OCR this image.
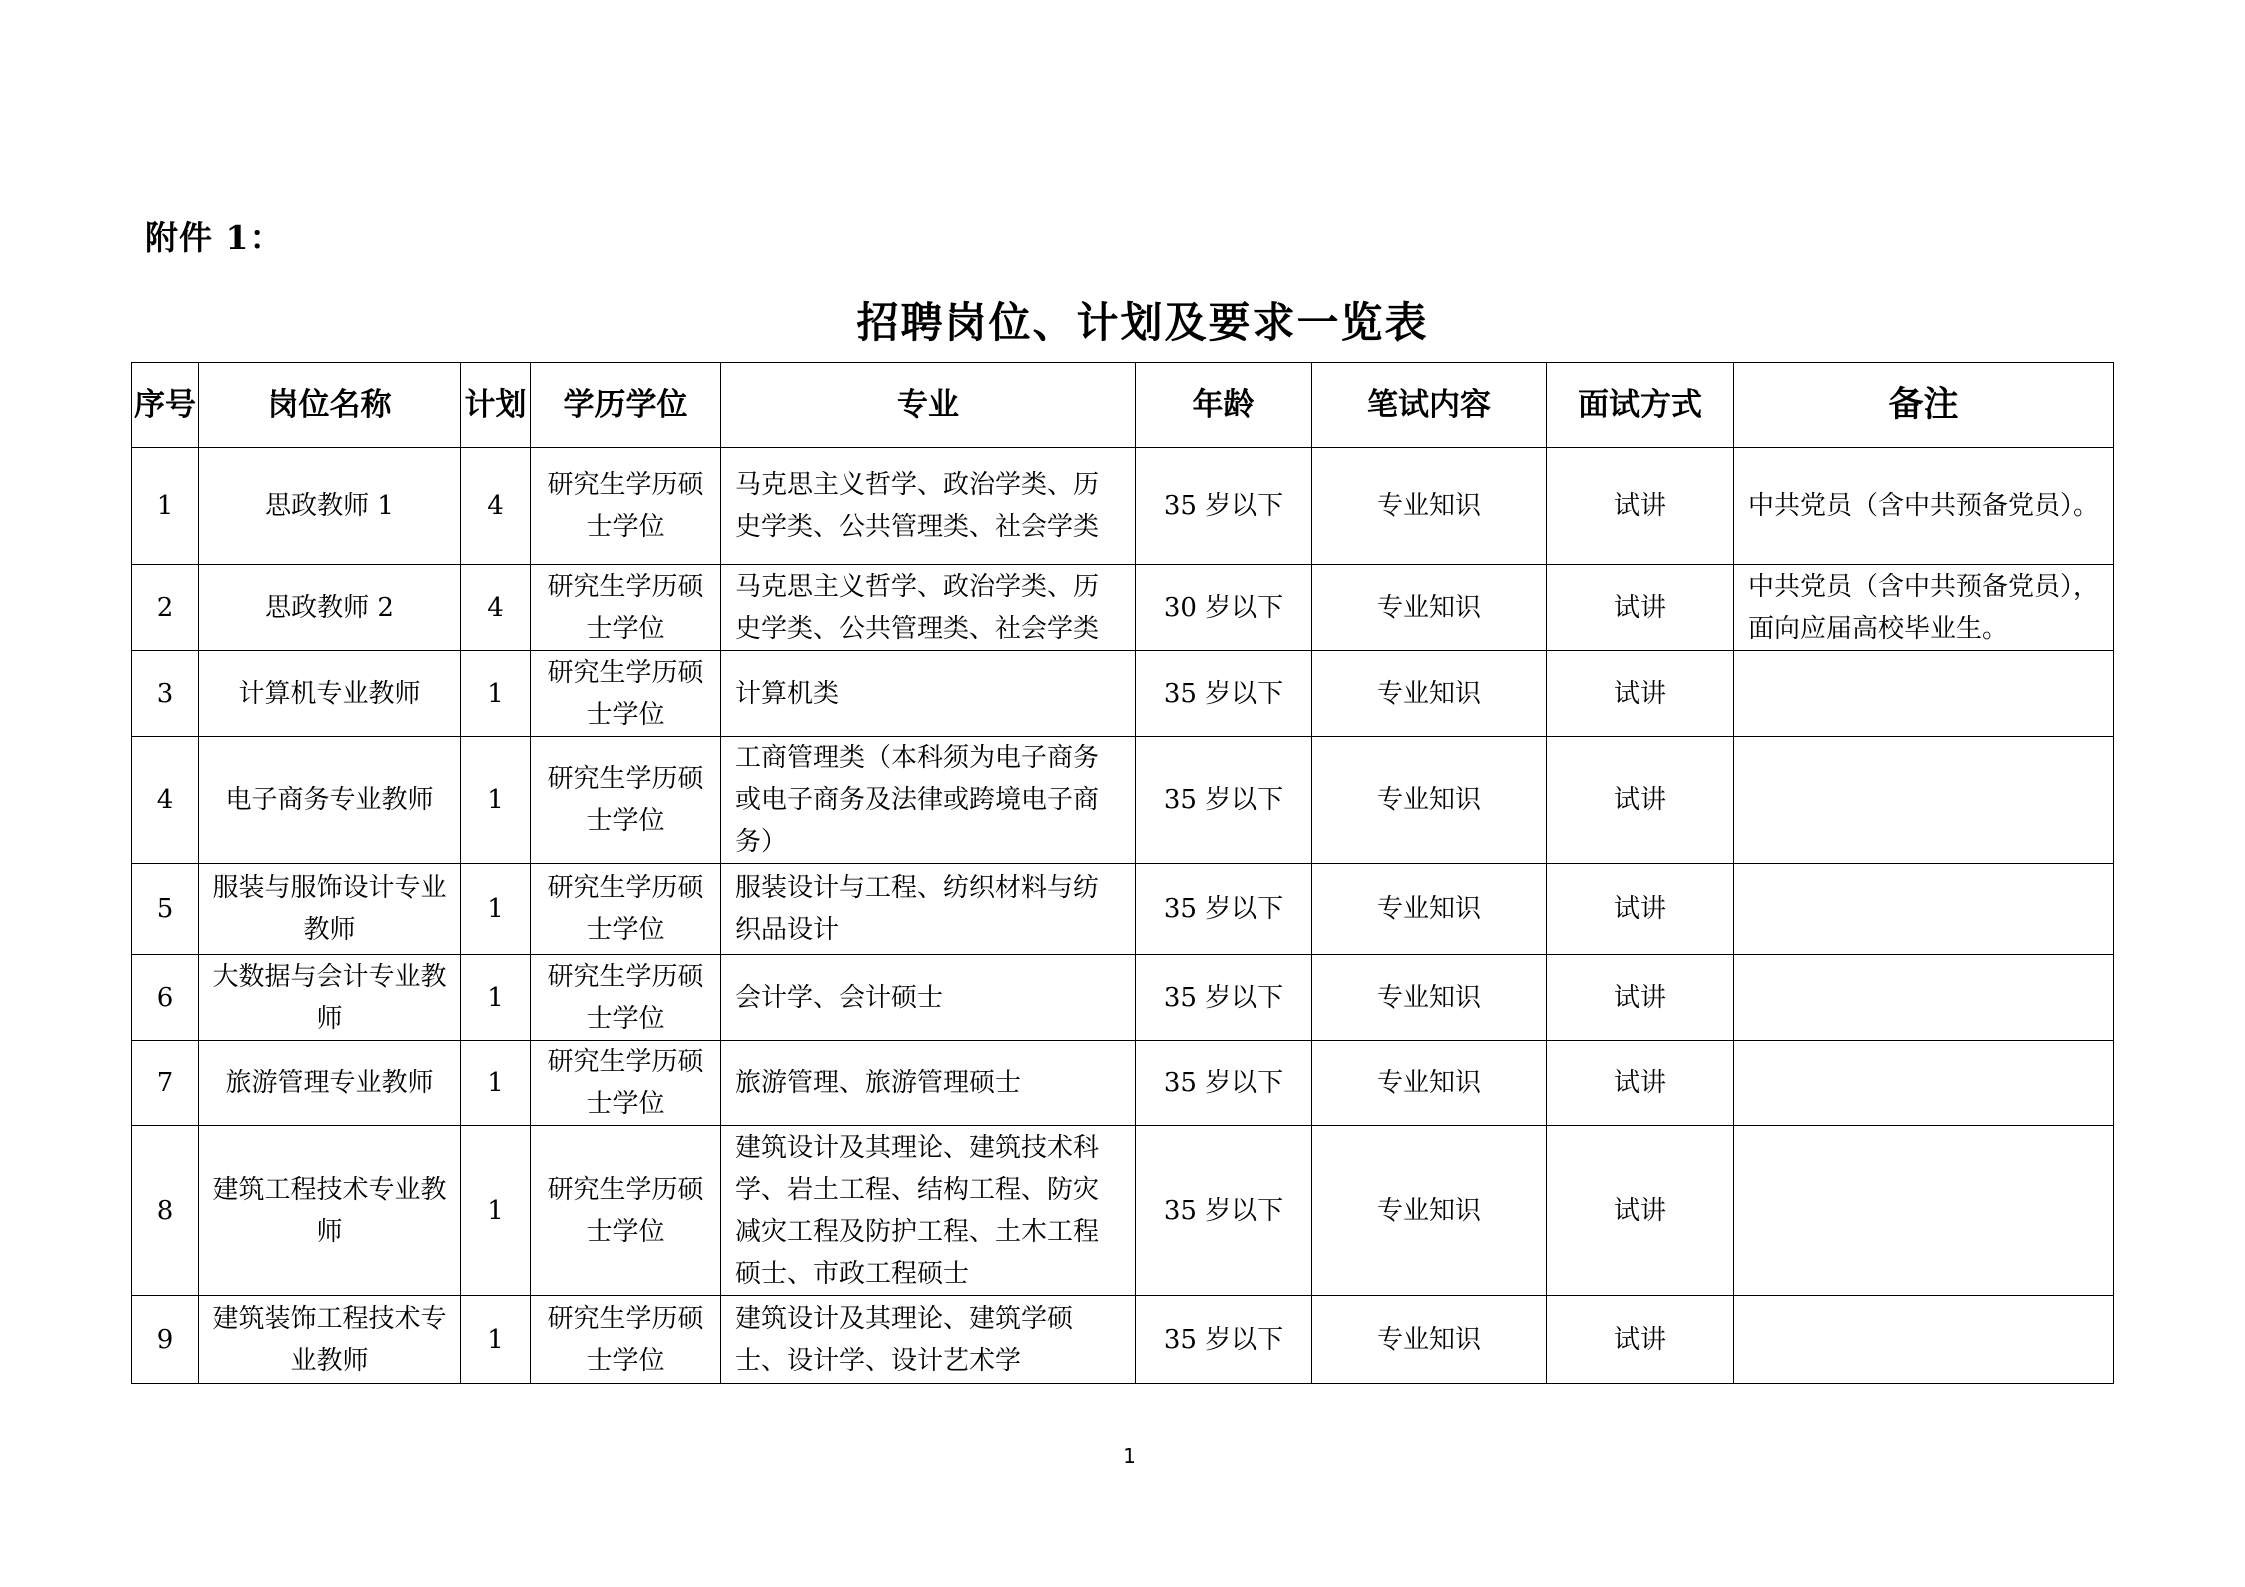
附件 1：
招聘岗位、计划及要求一览表
序号	岗位名称	计划	学历学位	专业	年龄	笔试内容	面试方式	备注
1	思政教师 1	4	研究生学历硕士学位	马克思主义哲学、政治学类、历史学类、公共管理类、社会学类	35 岁以下	专业知识	试讲	中共党员（含中共预备党员）。
2	思政教师 2	4	研究生学历硕士学位	马克思主义哲学、政治学类、历史学类、公共管理类、社会学类	30 岁以下	专业知识	试讲	中共党员（含中共预备党员），面向应届高校毕业生。
3	计算机专业教师	1	研究生学历硕士学位	计算机类	35 岁以下	专业知识	试讲	
4	电子商务专业教师	1	研究生学历硕士学位	工商管理类（本科须为电子商务或电子商务及法律或跨境电子商务）	35 岁以下	专业知识	试讲	
5	服装与服饰设计专业教师	1	研究生学历硕士学位	服装设计与工程、纺织材料与纺织品设计	35 岁以下	专业知识	试讲	
6	大数据与会计专业教师	1	研究生学历硕士学位	会计学、会计硕士	35 岁以下	专业知识	试讲	
7	旅游管理专业教师	1	研究生学历硕士学位	旅游管理、旅游管理硕士	35 岁以下	专业知识	试讲	
8	建筑工程技术专业教师	1	研究生学历硕士学位	建筑设计及其理论、建筑技术科学、岩土工程、结构工程、防灾减灾工程及防护工程、土木工程硕士、市政工程硕士	35 岁以下	专业知识	试讲	
9	建筑装饰工程技术专业教师	1	研究生学历硕士学位	建筑设计及其理论、建筑学硕士、设计学、设计艺术学	35 岁以下	专业知识	试讲	
1
